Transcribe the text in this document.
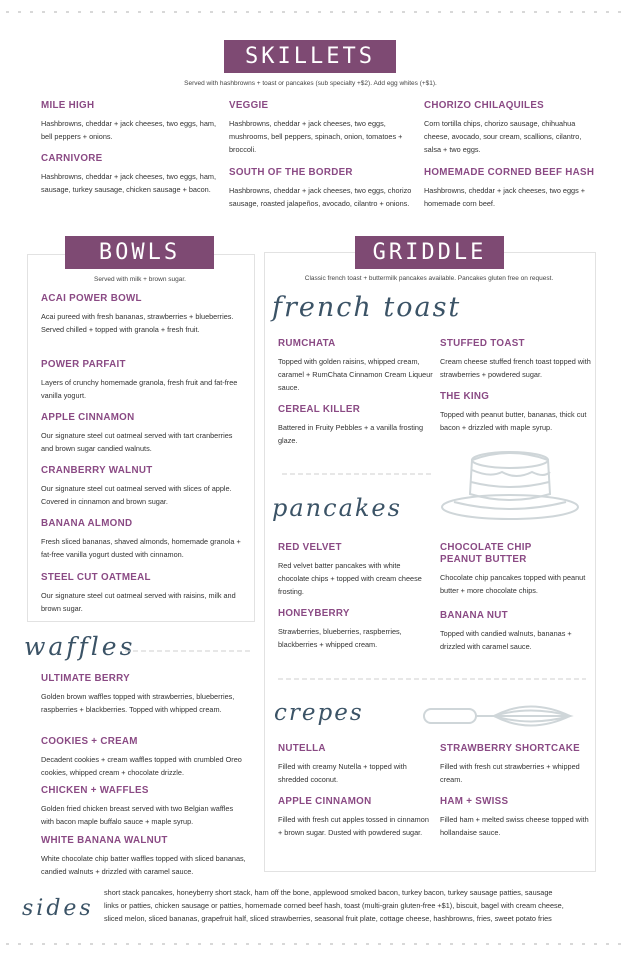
SKILLETS
Served with hashbrowns + toast or pancakes (sub specialty +$2). Add egg whites (+$1).
MILE HIGH
Hashbrowns, cheddar + jack cheeses, two eggs, ham, bell peppers + onions.
CARNIVORE
Hashbrowns, cheddar + jack cheeses, two eggs, ham, sausage, turkey sausage, chicken sausage + bacon.
VEGGIE
Hashbrowns, cheddar + jack cheeses, two eggs, mushrooms, bell peppers, spinach, onion, tomatoes + broccoli.
SOUTH OF THE BORDER
Hashbrowns, cheddar + jack cheeses, two eggs, chorizo sausage, roasted jalapeños, avocado, cilantro + onions.
CHORIZO CHILAQUILES
Corn tortilla chips, chorizo sausage, chihuahua cheese, avocado, sour cream, scallions, cilantro, salsa + two eggs.
HOMEMADE CORNED BEEF HASH
Hashbrowns, cheddar + jack cheeses, two eggs + homemade corn beef.
BOWLS
Served with milk + brown sugar.
ACAI POWER BOWL
Acai pureed with fresh bananas, strawberries + blueberries. Served chilled + topped with granola + fresh fruit.
POWER PARFAIT
Layers of crunchy homemade granola, fresh fruit and fat-free vanilla yogurt.
APPLE CINNAMON
Our signature steel cut oatmeal served with tart cranberries and brown sugar candied walnuts.
CRANBERRY WALNUT
Our signature steel cut oatmeal served with slices of apple. Covered in cinnamon and brown sugar.
BANANA ALMOND
Fresh sliced bananas, shaved almonds, homemade granola + fat-free vanilla yogurt dusted with cinnamon.
STEEL CUT OATMEAL
Our signature steel cut oatmeal served with raisins, milk and brown sugar.
waffles
ULTIMATE BERRY
Golden brown waffles topped with strawberries, blueberries, raspberries + blackberries. Topped with whipped cream.
COOKIES + CREAM
Decadent cookies + cream waffles topped with crumbled Oreo cookies, whipped cream + chocolate drizzle.
CHICKEN + WAFFLES
Golden fried chicken breast served with two Belgian waffles with bacon maple buffalo sauce + maple syrup.
WHITE BANANA WALNUT
White chocolate chip batter waffles topped with sliced bananas, candied walnuts + drizzled with caramel sauce.
GRIDDLE
Classic french toast + buttermilk pancakes available. Pancakes gluten free on request.
french toast
RUMCHATA
Topped with golden raisins, whipped cream, caramel + RumChata Cinnamon Cream Liqueur sauce.
CEREAL KILLER
Battered in Fruity Pebbles + a vanilla frosting glaze.
STUFFED TOAST
Cream cheese stuffed french toast topped with strawberries + powdered sugar.
THE KING
Topped with peanut butter, bananas, thick cut bacon + drizzled with maple syrup.
pancakes
RED VELVET
Red velvet batter pancakes with white chocolate chips + topped with cream cheese frosting.
HONEYBERRY
Strawberries, blueberries, raspberries, blackberries + whipped cream.
CHOCOLATE CHIP PEANUT BUTTER
Chocolate chip pancakes topped with peanut butter + more chocolate chips.
BANANA NUT
Topped with candied walnuts, bananas + drizzled with caramel sauce.
crepes
NUTELLA
Filled with creamy Nutella + topped with shredded coconut.
APPLE CINNAMON
Filled with fresh cut apples tossed in cinnamon + brown sugar. Dusted with powdered sugar.
STRAWBERRY SHORTCAKE
Filled with fresh cut strawberries + whipped cream.
HAM + SWISS
Filled ham + melted swiss cheese topped with hollandaise sauce.
sides
short stack pancakes, honeyberry short stack, ham off the bone, applewood smoked bacon, turkey bacon, turkey sausage patties, sausage links or patties, chicken sausage or patties, homemade corned beef hash, toast (multi-grain gluten-free +$1), biscuit, bagel with cream cheese, sliced melon, sliced bananas, grapefruit half, sliced strawberries, seasonal fruit plate, cottage cheese, hashbrowns, fries, sweet potato fries
